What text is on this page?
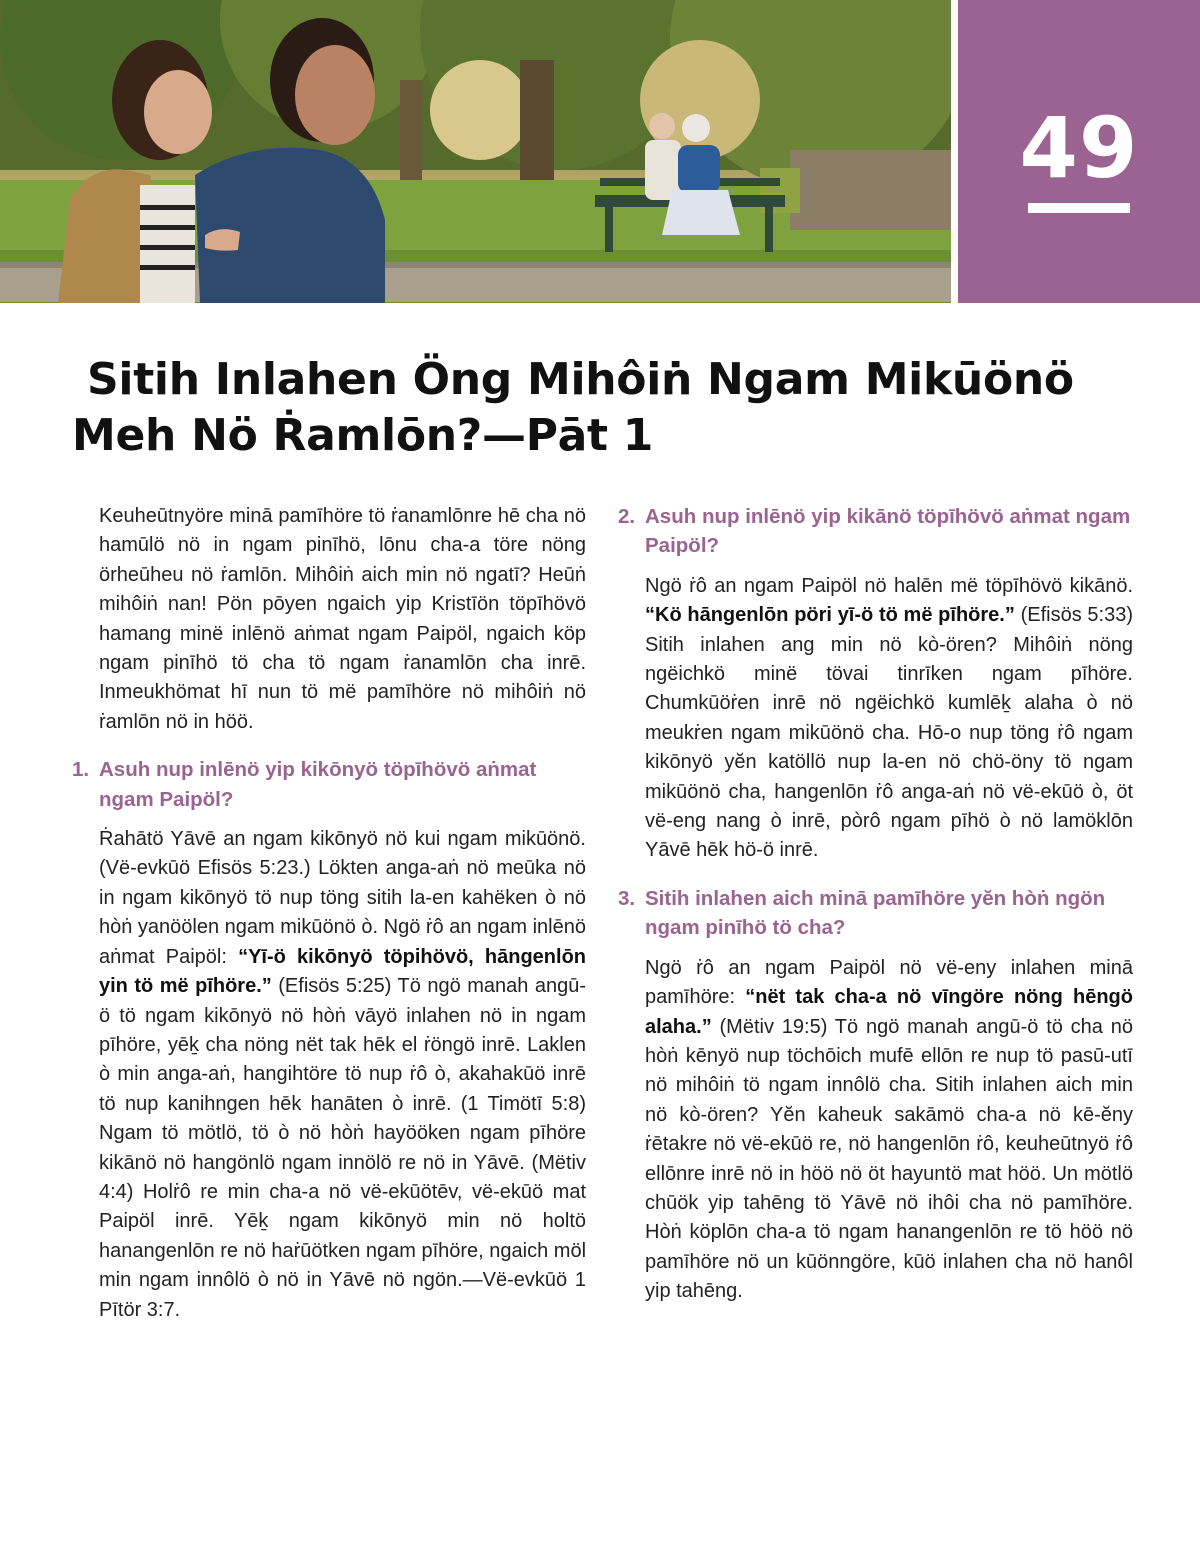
49
Sitih Inlahen Öng Mihôiṅ Ngam Mikūönö
Meh Nö Ṙamlōn?—Pāt 1

Keuheūtnyöre minā pamīhöre tö ṙanamlōnre hē cha nö hamūlö nö in ngam pinīhö, lōnu cha-a töre nöng örheūheu nö ṙamlōn. Mihôiṅ aich min nö ngatī? Heūṅ mihôiṅ nan! Pön pōyen ngaich yip Kristīön töpīhövö hamang minë inlēnö aṅmat ngam Paipöl, ngaich köp ngam pinīhö tö cha tö ngam ṙanamlōn cha inrē. Inmeukhömat hī nun tö më pamīhöre nö mihôiṅ nö ṙamlōn nö in höö.

1. Asuh nup inlēnö yip kikōnyö töpīhövö aṅmat ngam Paipöl?

Ṙahātö Yāvē an ngam kikōnyö nö kui ngam mikūönö. (Vë-evkūö Efisös 5:23.) Lökten anga-aṅ nö meūka nö in ngam kikōnyö tö nup töng sitih la-en kahëken ò nö hòṅ yanöölen ngam mikūönö ò. Ngö ṙô an ngam inlēnö aṅmat Paipöl: “Yī-ö kikōnyö töpihövö, hāngenlōn yin tö më pīhöre.” (Efisös 5:25) Tö ngö manah angū-ö tö ngam kikōnyö nö hòṅ vāyö inlahen nö in ngam pīhöre, yēḵ cha nöng nët tak hēk el ṙöngö inrē. Laklen ò min anga-aṅ, hangihtöre tö nup ṙô ò, akahakūö inrē tö nup kanihngen hēk hanāten ò inrē. (1 Timötī 5:8) Ngam tö mötlö, tö ò nö hòṅ hayööken ngam pīhöre kikānö nö hangönlö ngam innölö re nö in Yāvē. (Mëtiv 4:4) Holṙô re min cha-a nö vë-ekūötēv, vë-ekūö mat Paipöl inrē. Yēḵ ngam kikōnyö min nö holtö hanangenlōn re nö haṙūötken ngam pīhöre, ngaich möl min ngam innôlö ò nö in Yāvē nö ngön.—Vë-evkūö 1 Pītör 3:7.

2. Asuh nup inlēnö yip kikānö töpīhövö aṅmat ngam Paipöl?

Ngö ṙô an ngam Paipöl nö halēn më töpīhövö kikānö. “Kö hāngenlōn pöri yī-ö tö më pīhöre.” (Efisös 5:33) Sitih inlahen ang min nö kò-ören? Mihôiṅ nöng ngëichkö minë tövai tinrīken ngam pīhöre. Chumkūöṙen inrē nö ngëichkö kumlēḵ alaha ò nö meukṙen ngam mikūönö cha. Hō-o nup töng ṙô ngam kikōnyö yĕn katöllö nup la-en nö chö-öny tö ngam mikūönö cha, hangenlōn ṙô anga-aṅ nö vë-ekūö ò, öt vë-eng nang ò inrē, pòrô ngam pīhö ò nö lamöklōn Yāvē hēk hö-ö inrē.

3. Sitih inlahen aich minā pamīhöre yĕn hòṅ ngön ngam pinīhö tö cha?

Ngö ṙô an ngam Paipöl nö vë-eny inlahen minā pamīhöre: “nët tak cha-a nö vīngöre nöng hēngö alaha.” (Mëtiv 19:5) Tö ngö manah angū-ö tö cha nö hòṅ kēnyö nup töchōich mufē ellōn re nup tö pasū-utī nö mihôiṅ tö ngam innôlö cha. Sitih inlahen aich min nö kò-ören? Yĕn kaheuk sakāmö cha-a nö kē-ĕny ṙētakre nö vë-ekūö re, nö hangenlōn ṙô, keuheūtnyö ṙô ellōnre inrē nö in höö nö öt hayuntö mat höö. Un mötlö chūök yip tahēng tö Yāvē nö ihôi cha nö pamīhöre. Hòṅ köplōn cha-a tö ngam hanangenlōn re tö höö nö pamīhöre nö un kūönngöre, kūö inlahen cha nö hanôl yip tahēng.
